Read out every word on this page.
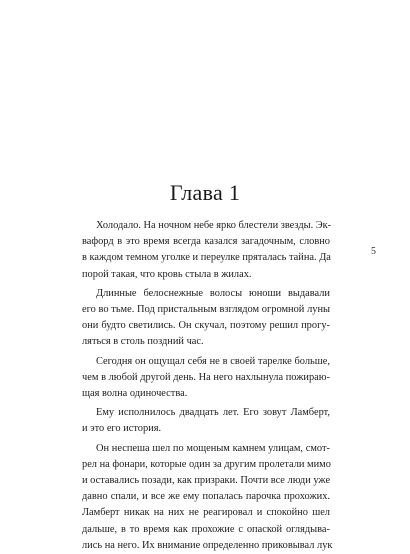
Глава 1
5

Холодало. На ночном небе ярко блестели звезды. Эк-
вафорд в это время всегда казался загадочным, словно
в каждом темном уголке и переулке пряталась тайна. Да
порой такая, что кровь стыла в жилах.

Длинные белоснежные волосы юноши выдавали
его во тьме. Под пристальным взглядом огромной луны
они будто светились. Он скучал, поэтому решил прогу-
ляться в столь поздний час.

Сегодня он ощущал себя не в своей тарелке больше,
чем в любой другой день. На него нахлынула пожираю-
щая волна одиночества.

Ему исполнилось двадцать лет. Его зовут Ламберт,
и это его история.

Он неспеша шел по мощеным камнем улицам, смот-
рел на фонари, которые один за другим пролетали мимо
и оставались позади, как призраки. Почти все люди уже
давно спали, и все же ему попалась парочка прохожих.
Ламберт никак на них не реагировал и спокойно шел
дальше, в то время как прохожие с опаской оглядыва-
лись на него. Их внимание определенно приковывал лук
